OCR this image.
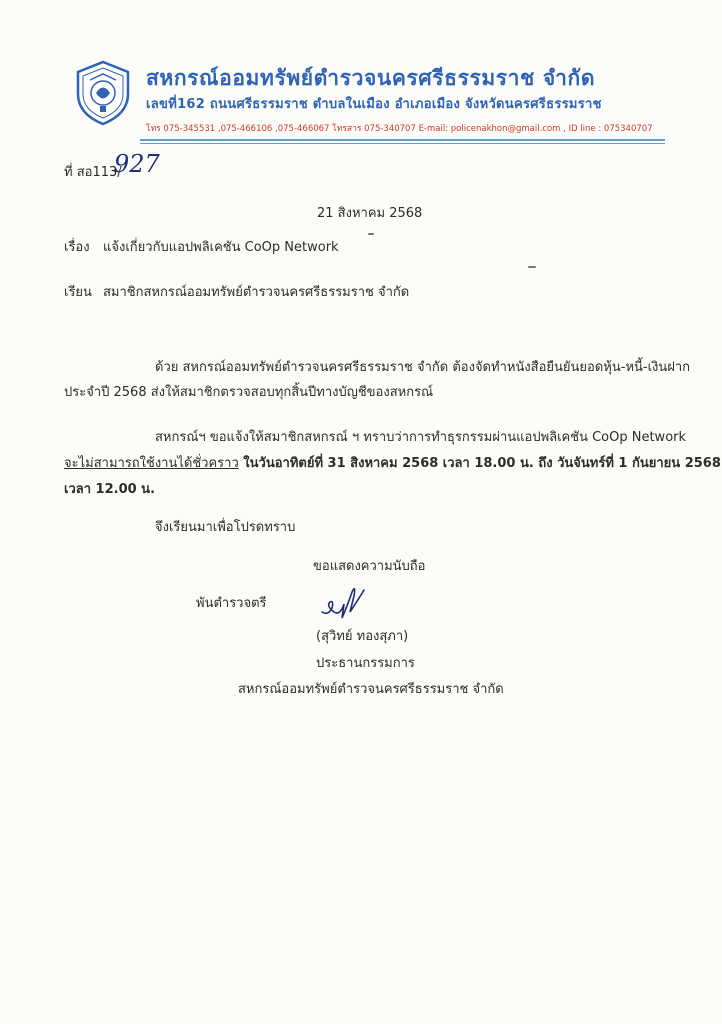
สหกรณ์ออมทรัพย์ตำรวจนครศรีธรรมราช จำกัด
เลขที่162 ถนนศรีธรรมราช ตำบลในเมือง อำเภอเมือง จังหวัดนครศรีธรรมราช
โทร 075-345531 ,075-466106 ,075-466067 โทรสาร 075-340707 E-mail: policenakhon@gmail.com , ID line : 075340707
ที่ สอ113/
927
21 สิงหาคม 2568
เรื่อง แจ้งเกี่ยวกับแอปพลิเคชัน CoOp Network
เรียน สมาชิกสหกรณ์ออมทรัพย์ตำรวจนครศรีธรรมราช จำกัด
ด้วย สหกรณ์ออมทรัพย์ตำรวจนครศรีธรรมราช จำกัด ต้องจัดทำหนังสือยืนยันยอดหุ้น-หนี้-เงินฝาก
ประจำปี 2568 ส่งให้สมาชิกตรวจสอบทุกสิ้นปีทางบัญชีของสหกรณ์
สหกรณ์ฯ ขอแจ้งให้สมาชิกสหกรณ์ ฯ ทราบว่าการทำธุรกรรมผ่านแอปพลิเคชัน CoOp Network
จะไม่สามารถใช้งานได้ชั่วคราว ในวันอาทิตย์ที่ 31 สิงหาคม 2568 เวลา 18.00 น. ถึง วันจันทร์ที่ 1 กันยายน 2568
เวลา 12.00 น.
จึงเรียนมาเพื่อโปรดทราบ
ขอแสดงความนับถือ
พันตำรวจตรี
(สุวิทย์ ทองสุภา)
ประธานกรรมการ
สหกรณ์ออมทรัพย์ตำรวจนครศรีธรรมราช จำกัด
